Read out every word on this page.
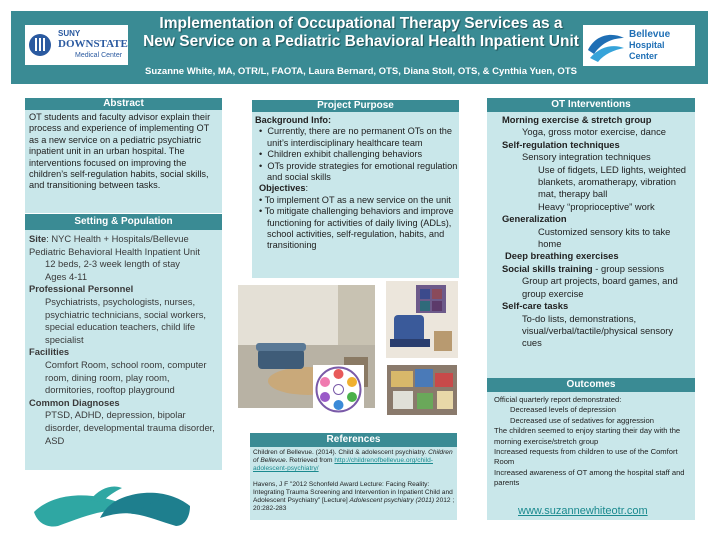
SUNY
DOWNSTATE
Medical Center
Implementation of Occupational Therapy Services as a
New Service on a Pediatric Behavioral Health Inpatient Unit
Suzanne White, MA, OTR/L, FAOTA, Laura Bernard, OTS, Diana Stoll, OTS, & Cynthia Yuen, OTS
Bellevue
Hospital
Center
Abstract
OT students and faculty advisor explain their process and experience of implementing OT as a new service on a pediatric psychiatric inpatient unit in an urban hospital. The interventions focused on improving the children’s self-regulation habits, social skills, and transitioning between tasks.
Setting & Population
Site: NYC Health + Hospitals/Bellevue Pediatric Behavioral Health Inpatient Unit
12 beds, 2-3 week length of stay
Ages 4-11
Professional Personnel
Psychiatrists, psychologists, nurses, psychiatric technicians, social workers, special education teachers, child life specialist
Facilities
Comfort Room, school room, computer room, dining room, play room, dormitories, rooftop playground
Common Diagnoses
PTSD, ADHD, depression, bipolar disorder, developmental trauma disorder, ASD
Project Purpose
Background Info:
•  Currently, there are no permanent OTs on the unit’s interdisciplinary healthcare team
•  Children exhibit challenging behaviors
•  OTs provide strategies for emotional regulation and social skills
Objectives:
• To implement OT as a new service on the unit
• To mitigate challenging behaviors and improve functioning for activities of daily living (ADLs), school activities, self-regulation, habits, and transitioning
References
Children of Bellevue. (2014). Child & adolescent psychiatry. Children of Bellevue. Retrieved from http://childrenofbellevue.org/child-adolescent-psychiatry/
Havens, J F "2012 Schonfeld Award Lecture: Facing Reality: Integrating Trauma Screening and Intervention in Inpatient Child and Adolescent Psychiatry" [Lecture] Adolescent psychiatry (2011) 2012 ; 20:282-283
OT Interventions
Morning exercise & stretch group
Yoga, gross motor exercise, dance
Self-regulation techniques
Sensory integration techniques
Use of fidgets, LED lights, weighted blankets, aromatherapy, vibration mat, therapy ball
Heavy “proprioceptive” work
Generalization
Customized sensory kits to take home
Deep breathing exercises
Social skills training - group sessions
Group art projects, board games, and group exercise
Self-care tasks
To-do lists, demonstrations, visual/verbal/tactile/physical sensory cues
Outcomes
Official quarterly report demonstrated:
Decreased levels of depression
Decreased use of sedatives for aggression
The children seemed to enjoy starting their day with the morning exercise/stretch group
Increased requests from children to use of the Comfort Room
Increased awareness of OT among the hospital staff and parents
www.suzannewhiteotr.com
